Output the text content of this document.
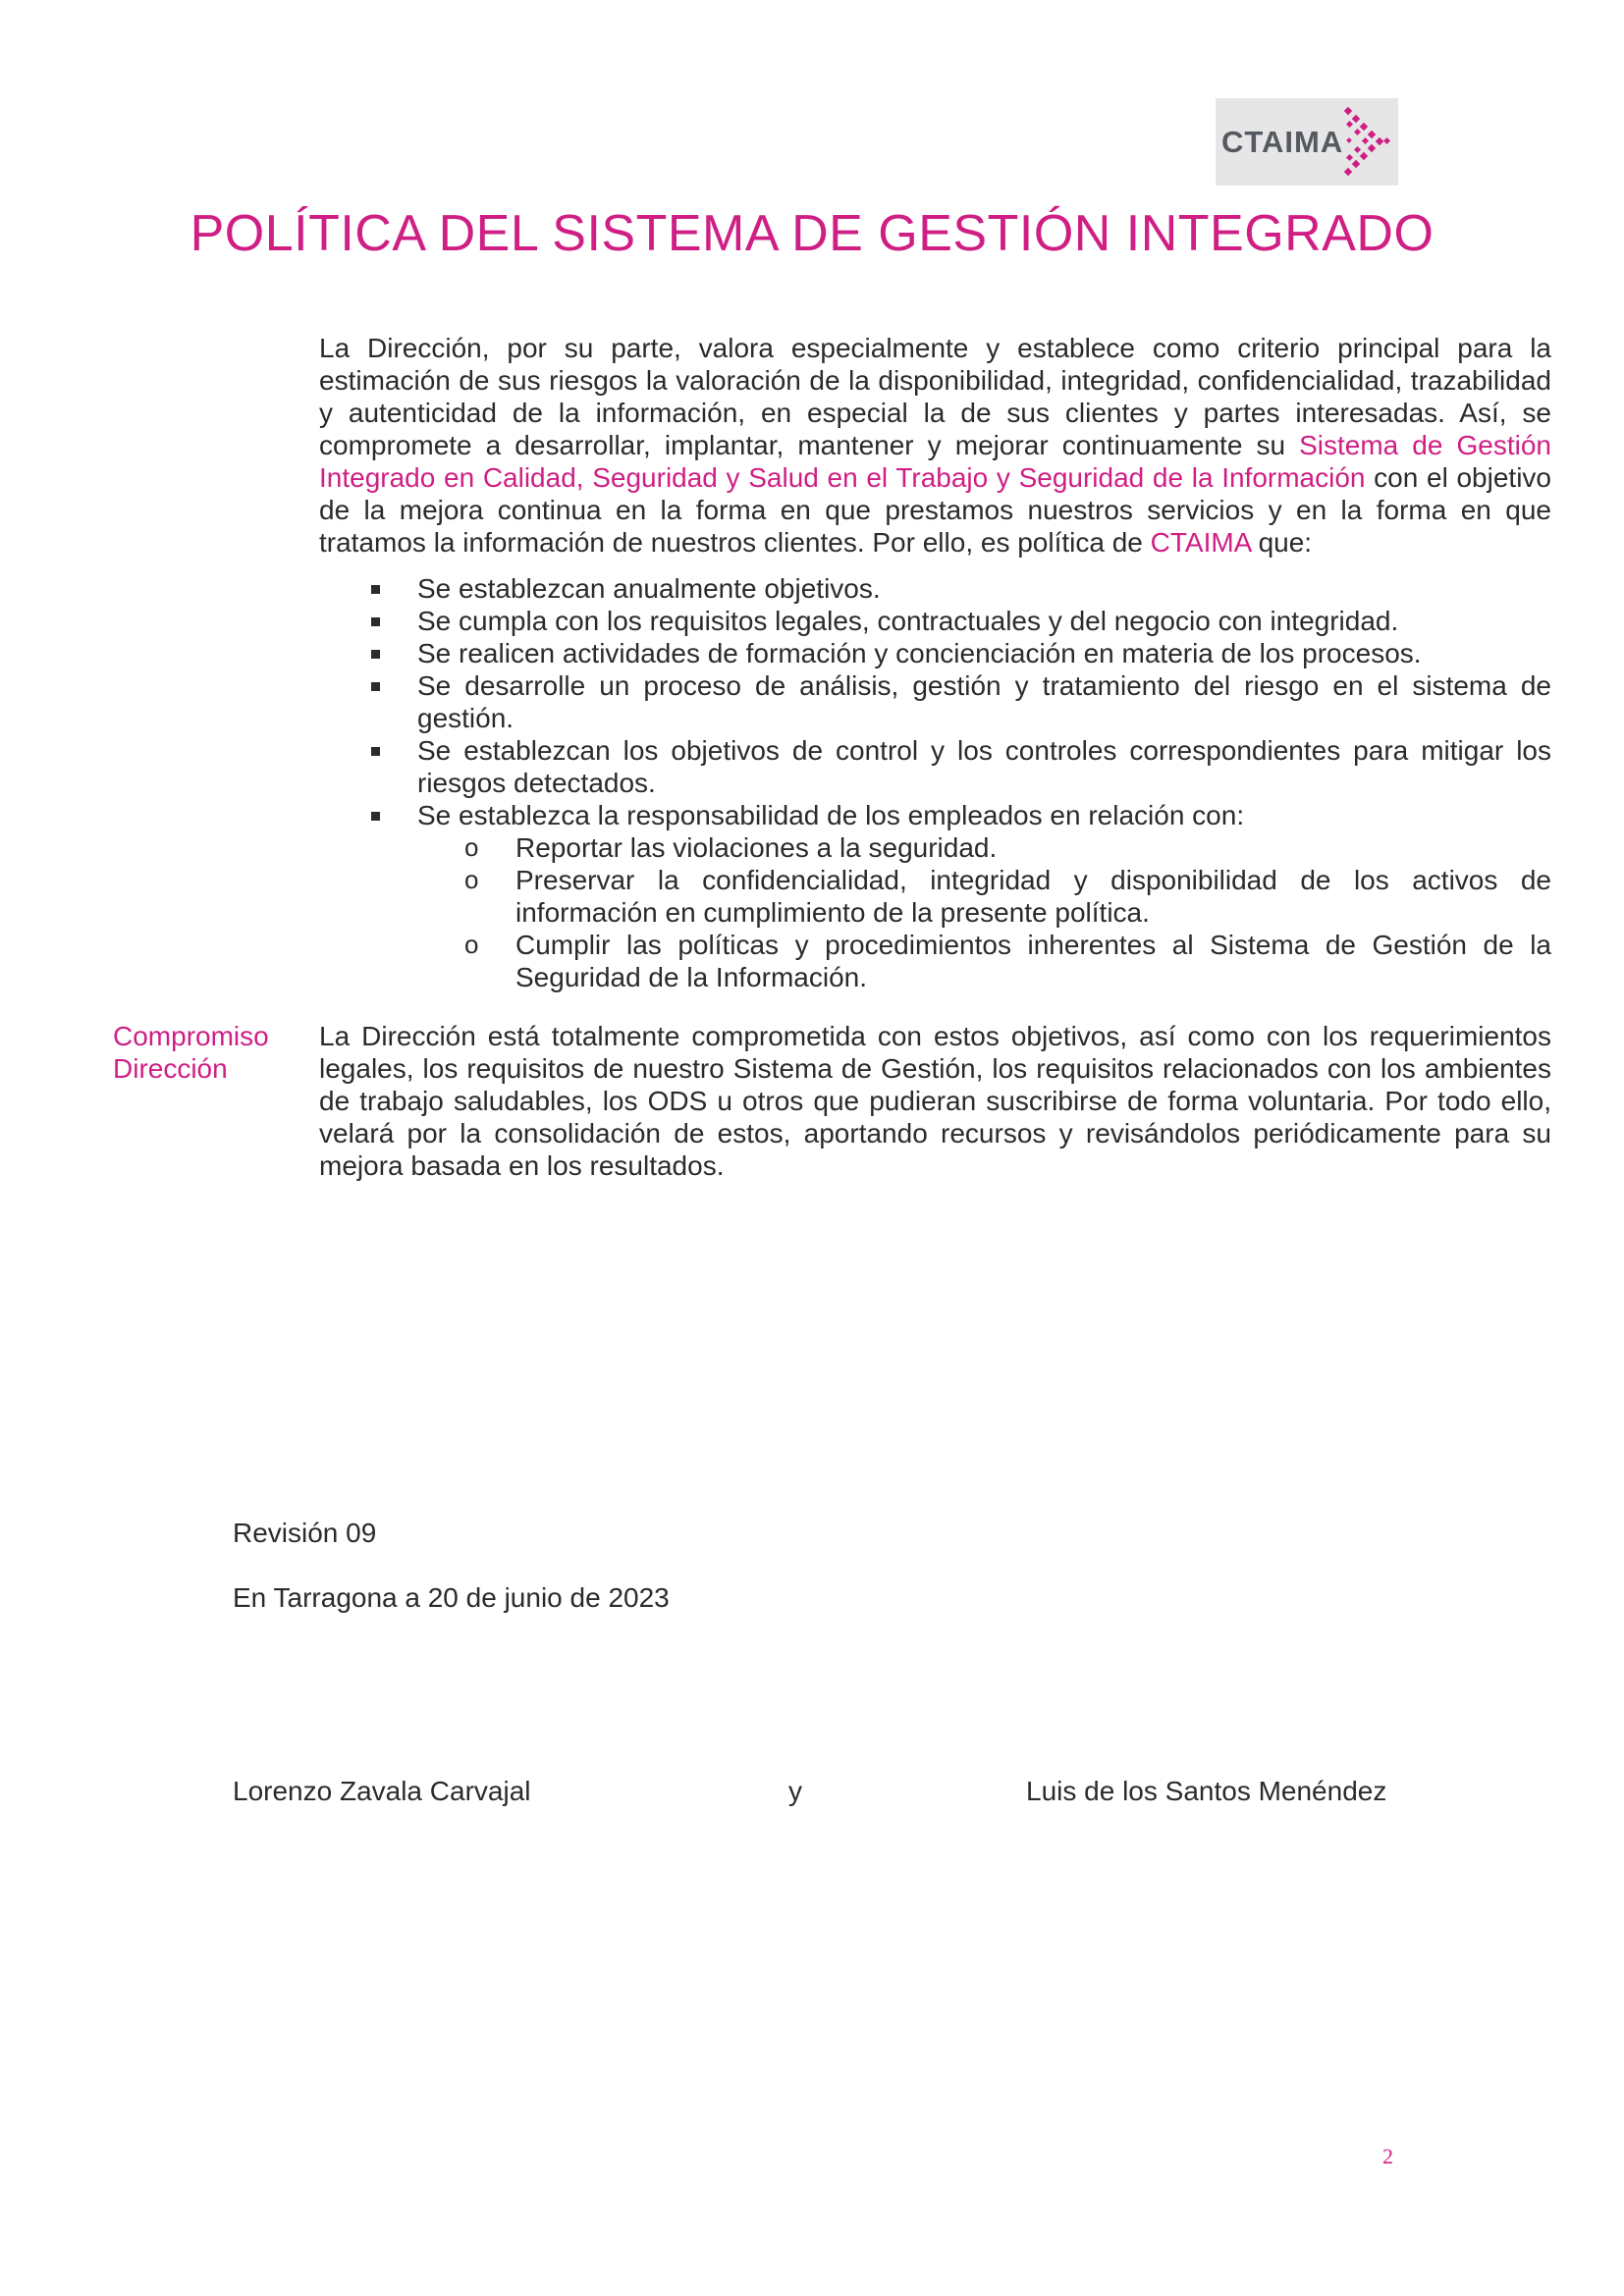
CTAIMA
POLÍTICA DEL SISTEMA DE GESTIÓN INTEGRADO
La Dirección, por su parte, valora especialmente y establece como criterio principal para la estimación de sus riesgos la valoración de la disponibilidad, integridad, confidencialidad, trazabilidad y autenticidad de la información, en especial la de sus clientes y partes interesadas. Así, se compromete a desarrollar, implantar, mantener y mejorar continuamente su Sistema de Gestión Integrado en Calidad, Seguridad y Salud en el Trabajo y Seguridad de la Información con el objetivo de la mejora continua en la forma en que prestamos nuestros servicios y en la forma en que tratamos la información de nuestros clientes. Por ello, es política de CTAIMA que:
Se establezcan anualmente objetivos.
Se cumpla con los requisitos legales, contractuales y del negocio con integridad.
Se realicen actividades de formación y concienciación en materia de los procesos.
Se desarrolle un proceso de análisis, gestión y tratamiento del riesgo en el sistema de gestión.
Se establezcan los objetivos de control y los controles correspondientes para mitigar los riesgos detectados.
Se establezca la responsabilidad de los empleados en relación con:
o Reportar las violaciones a la seguridad.
o Preservar la confidencialidad, integridad y disponibilidad de los activos de información en cumplimiento de la presente política.
o Cumplir las políticas y procedimientos inherentes al Sistema de Gestión de la Seguridad de la Información.
Compromiso
Dirección
La Dirección está totalmente comprometida con estos objetivos, así como con los requerimientos legales, los requisitos de nuestro Sistema de Gestión, los requisitos relacionados con los ambientes de trabajo saludables, los ODS u otros que pudieran suscribirse de forma voluntaria. Por todo ello, velará por la consolidación de estos, aportando recursos y revisándolos periódicamente para su mejora basada en los resultados.
Revisión 09
En Tarragona a 20 de junio de 2023
Lorenzo Zavala Carvajal	y	Luis de los Santos Menéndez
2
